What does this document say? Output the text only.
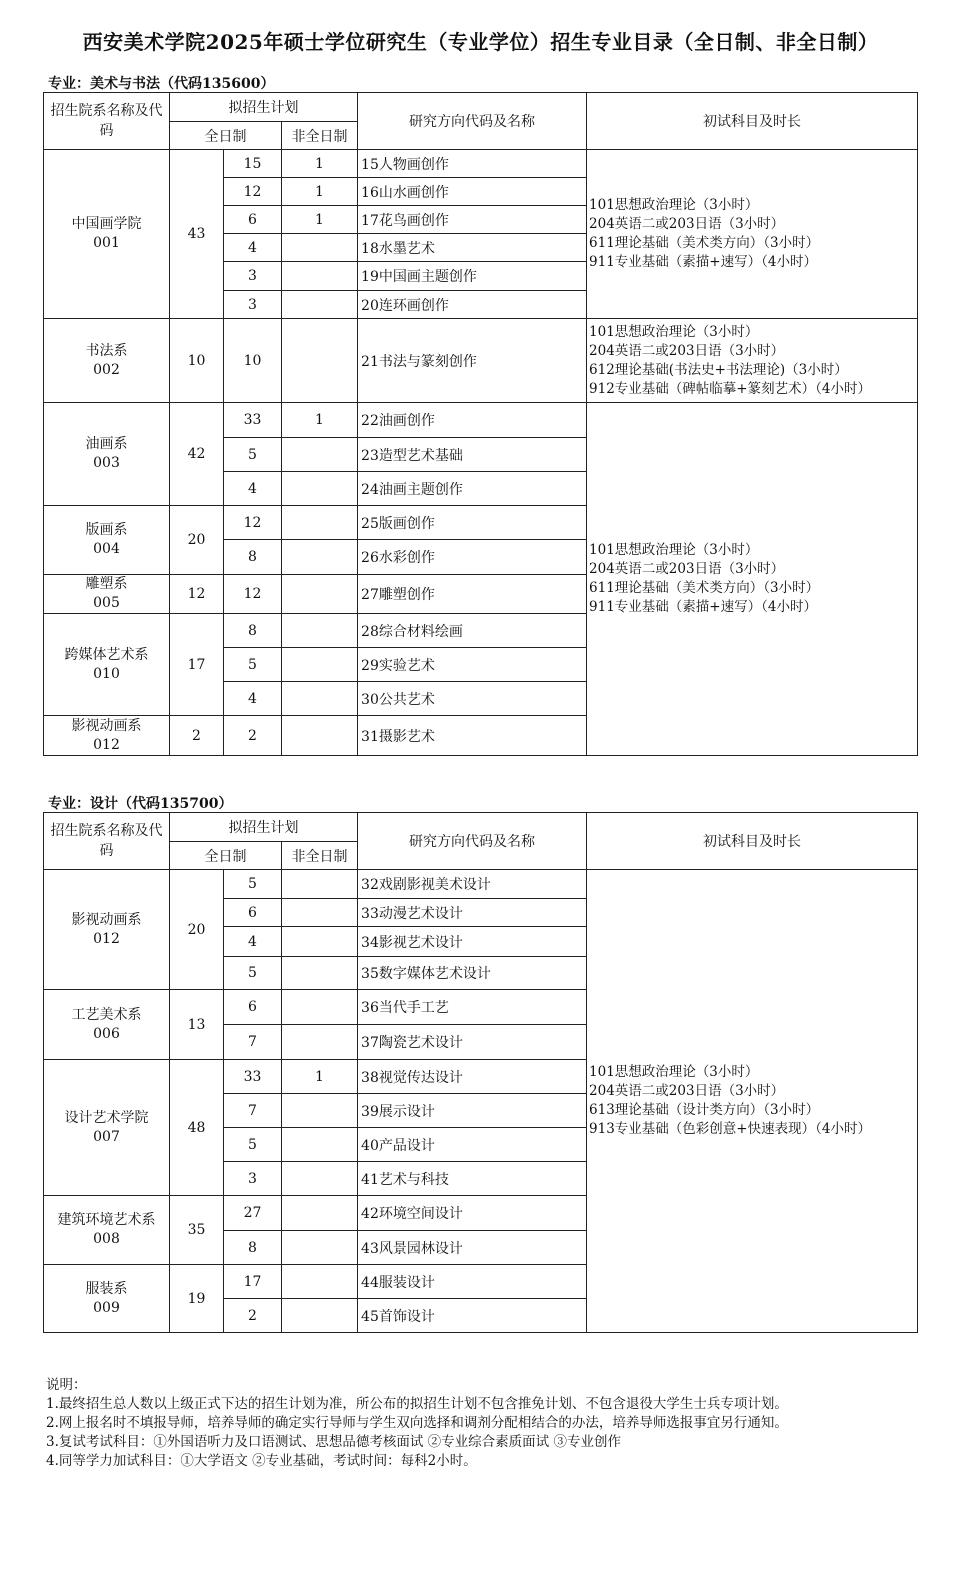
西安美术学院2025年硕士学位研究生（专业学位）招生专业目录（全日制、非全日制）
专业：美术与书法（代码135600）
招生院系名称及代码	拟招生计划			研究方向代码及名称	初试科目及时长
	全日制		非全日制		

中国画学院
001	43	15	1	15人物画创作	101思想政治理论（3小时）
204英语二或203日语（3小时）
611理论基础（美术类方向）（3小时）
911专业基础（素描+速写）（4小时）

		12	1	16山水画创作	
		6	1	17花鸟画创作	
		4		18水墨艺术	
		3		19中国画主题创作	
		3		20连环画创作	

书法系
002	10	10		21书法与篆刻创作	101思想政治理论（3小时）
204英语二或203日语（3小时）
612理论基础(书法史+书法理论)（3小时）
912专业基础（碑帖临摹+篆刻艺术）（4小时）

油画系
003	42	33	1	22油画创作	101思想政治理论（3小时）
204英语二或203日语（3小时）
611理论基础（美术类方向）（3小时）
911专业基础（素描+速写）（4小时）

		5		23造型艺术基础	
		4		24油画主题创作	

版画系
004	20	12		25版画创作	
		8		26水彩创作	

雕塑系
005	12	12		27雕塑创作	

跨媒体艺术系
010	17	8		28综合材料绘画	
		5		29实验艺术	
		4		30公共艺术	

影视动画系
012	2	2		31摄影艺术	
专业：设计（代码135700）
招生院系名称及代码	拟招生计划			研究方向代码及名称	初试科目及时长
	全日制		非全日制		

影视动画系
012	20	5		32戏剧影视美术设计	101思想政治理论（3小时）
204英语二或203日语（3小时）
613理论基础（设计类方向）（3小时）
913专业基础（色彩创意+快速表现）（4小时）

		6		33动漫艺术设计	
		4		34影视艺术设计	
		5		35数字媒体艺术设计	

工艺美术系
006	13	6		36当代手工艺	
		7		37陶瓷艺术设计	

设计艺术学院
007	48	33	1	38视觉传达设计	
		7		39展示设计	
		5		40产品设计	
		3		41艺术与科技	

建筑环境艺术系
008	35	27		42环境空间设计	
		8		43风景园林设计	

服装系
009	19	17		44服装设计	
		2		45首饰设计	
说明：
1.最终招生总人数以上级正式下达的招生计划为准，所公布的拟招生计划不包含推免计划、不包含退役大学生士兵专项计划。
2.网上报名时不填报导师，培养导师的确定实行导师与学生双向选择和调剂分配相结合的办法，培养导师选报事宜另行通知。
3.复试考试科目：①外国语听力及口语测试、思想品德考核面试 ②专业综合素质面试 ③专业创作
4.同等学力加试科目：①大学语文 ②专业基础，考试时间：每科2小时。
